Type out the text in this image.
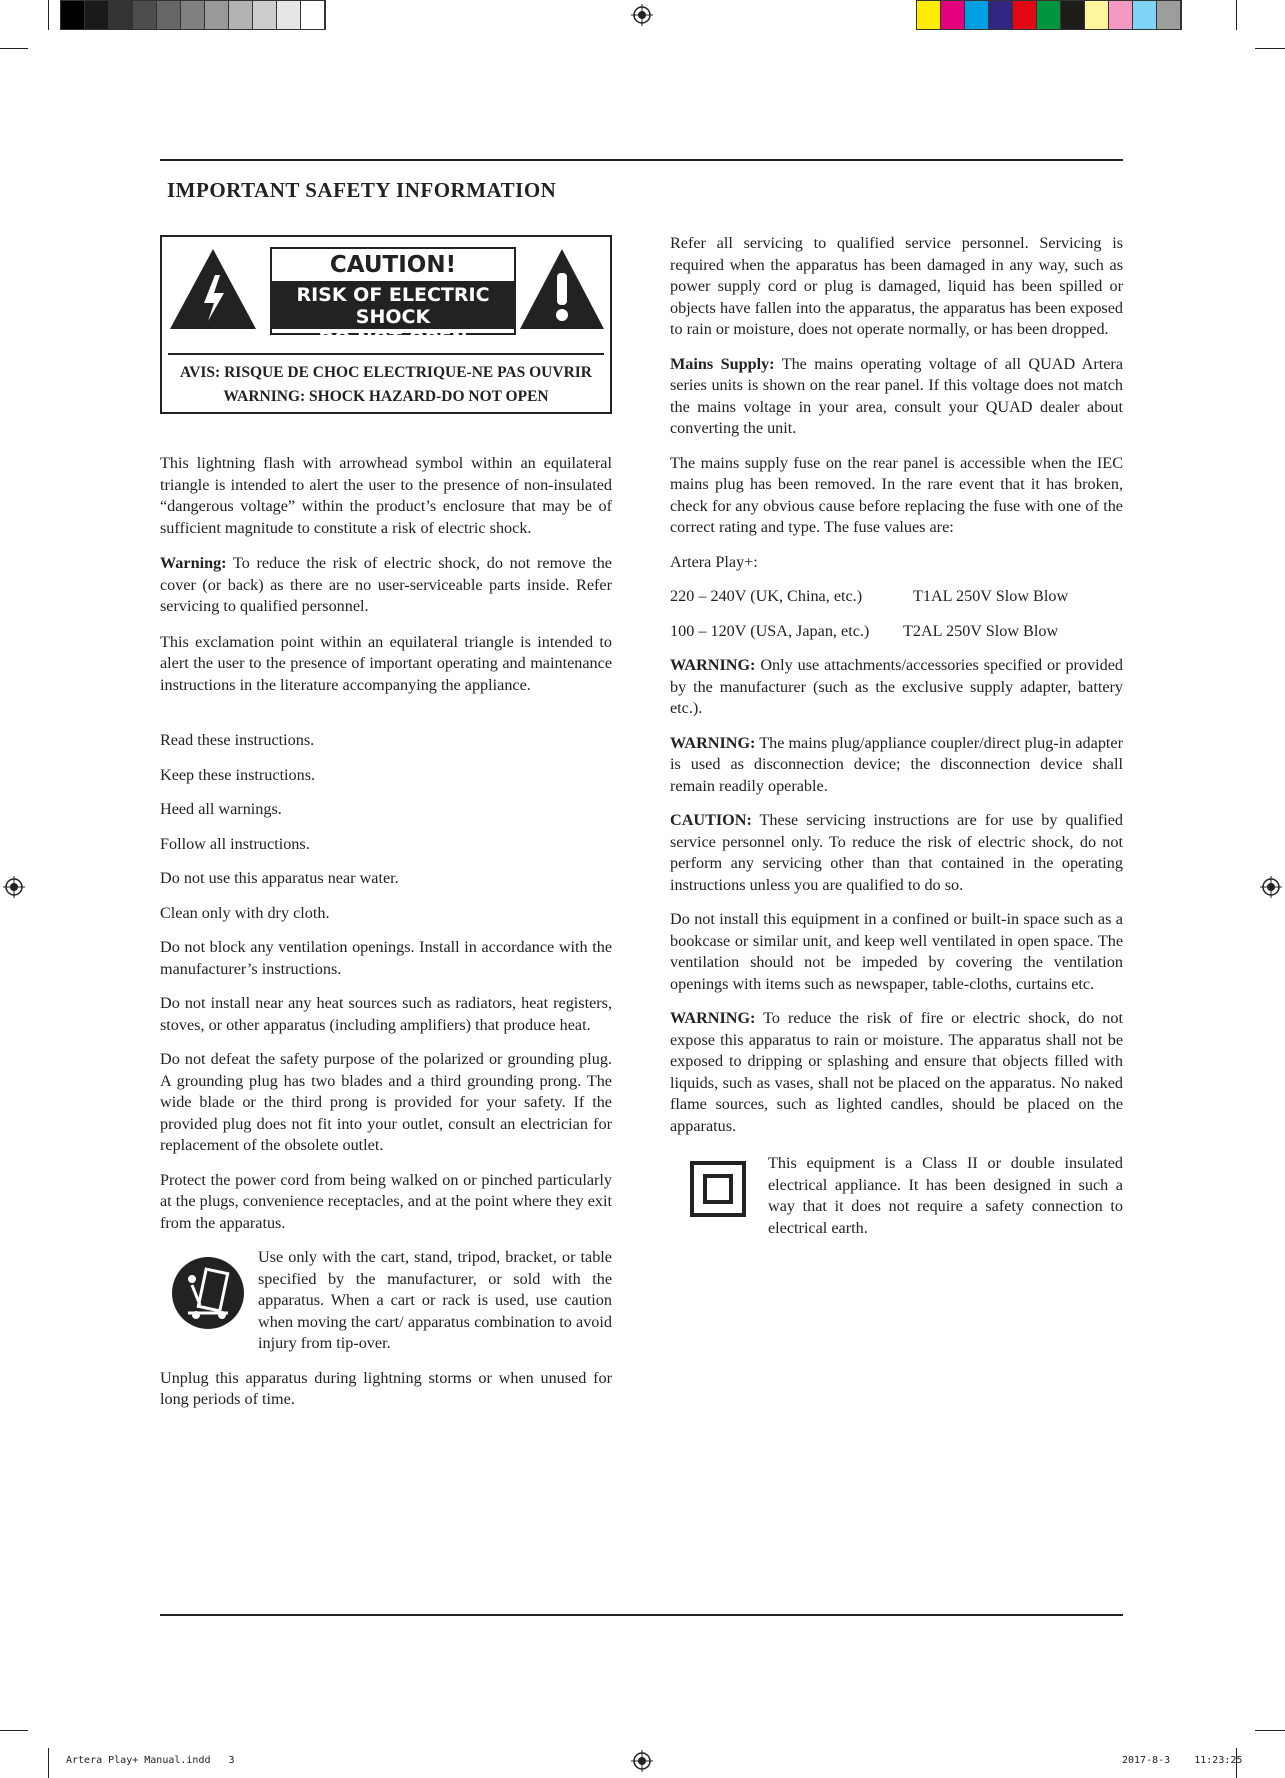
Artera Play+ Manual.indd   3	2017-8-3    11:23:25
IMPORTANT SAFETY INFORMATION
CAUTION!
RISK OF ELECTRIC SHOCK
DO NOT OPEN
AVIS: RISQUE DE CHOC ELECTRIQUE-NE PAS OUVRIR
WARNING: SHOCK HAZARD-DO NOT OPEN

This lightning flash with arrowhead symbol within an equilateral triangle is intended to alert the user to the presence of non-insulated “dangerous voltage” within the product’s enclosure that may be of sufficient magnitude to constitute a risk of electric shock.

Warning: To reduce the risk of electric shock, do not remove the cover (or back) as there are no user-serviceable parts inside. Refer servicing to qualified personnel.

This exclamation point within an equilateral triangle is intended to alert the user to the presence of important operating and maintenance instructions in the literature accompanying the appliance.

Read these instructions.

Keep these instructions.

Heed all warnings.

Follow all instructions.

Do not use this apparatus near water.

Clean only with dry cloth.

Do not block any ventilation openings. Install in accordance with the manufacturer’s instructions.

Do not install near any heat sources such as radiators, heat registers, stoves, or other apparatus (including amplifiers) that produce heat.

Do not defeat the safety purpose of the polarized or grounding plug. A grounding plug has two blades and a third grounding prong. The wide blade or the third prong is provided for your safety. If the provided plug does not fit into your outlet, consult an electrician for replacement of the obsolete outlet.

Protect the power cord from being walked on or pinched particularly at the plugs, convenience receptacles, and at the point where they exit from the apparatus.

Use only with the cart, stand, tripod, bracket, or table specified by the manufacturer, or sold with the apparatus. When a cart or rack is used, use caution when moving the cart/ apparatus combination to avoid injury from tip-over.

Unplug this apparatus during lightning storms or when unused for long periods of time.

Refer all servicing to qualified service personnel. Servicing is required when the apparatus has been damaged in any way, such as power supply cord or plug is damaged, liquid has been spilled or objects have fallen into the apparatus, the apparatus has been exposed to rain or moisture, does not operate normally, or has been dropped.

Mains Supply: The mains operating voltage of all QUAD Artera series units is shown on the rear panel. If this voltage does not match the mains voltage in your area, consult your QUAD dealer about converting the unit.

The mains supply fuse on the rear panel is accessible when the IEC mains plug has been removed. In the rare event that it has broken, check for any obvious cause before replacing the fuse with one of the correct rating and type. The fuse values are:

Artera Play+:

220 – 240V (UK, China, etc.)	T1AL 250V Slow Blow

100 – 120V (USA, Japan, etc.)	T2AL 250V Slow Blow

WARNING: Only use attachments/accessories specified or provided by the manufacturer (such as the exclusive supply adapter, battery etc.).

WARNING: The mains plug/appliance coupler/direct plug-in adapter is used as disconnection device; the disconnection device shall remain readily operable.

CAUTION: These servicing instructions are for use by qualified service personnel only. To reduce the risk of electric shock, do not perform any servicing other than that contained in the operating instructions unless you are qualified to do so.

Do not install this equipment in a confined or built-in space such as a bookcase or similar unit, and keep well ventilated in open space. The ventilation should not be impeded by covering the ventilation openings with items such as newspaper, table-cloths, curtains etc.

WARNING: To reduce the risk of fire or electric shock, do not expose this apparatus to rain or moisture. The apparatus shall not be exposed to dripping or splashing and ensure that objects filled with liquids, such as vases, shall not be placed on the apparatus. No naked flame sources, such as lighted candles, should be placed on the apparatus.

This equipment is a Class II or double insulated electrical appliance. It has been designed in such a way that it does not require a safety connection to electrical earth.
